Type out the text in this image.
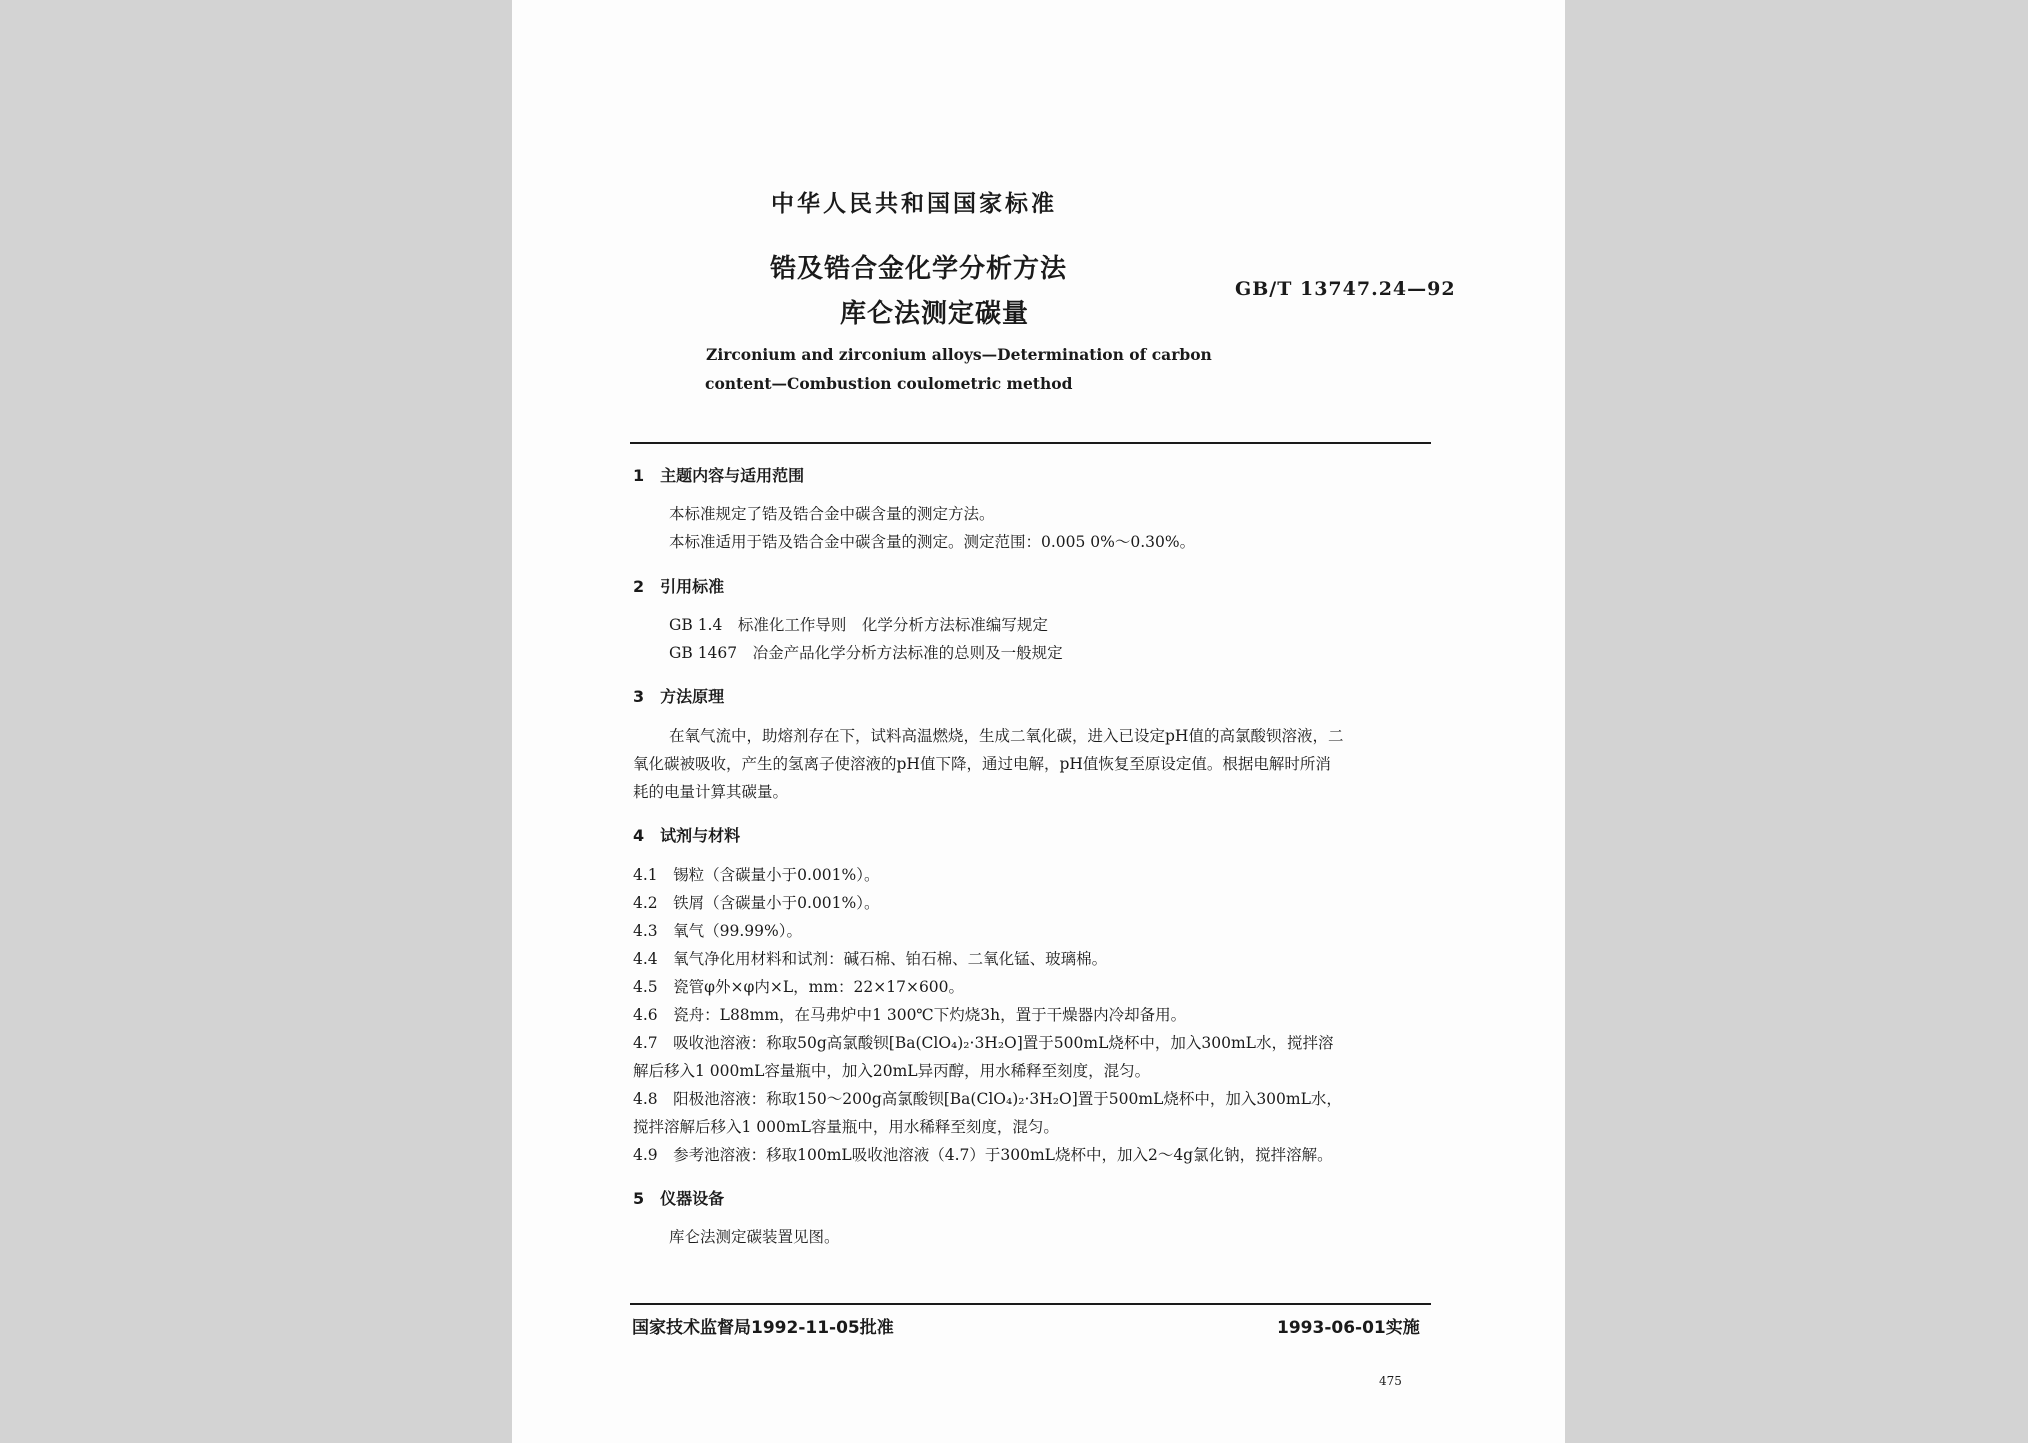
中华人民共和国国家标准
锆及锆合金化学分析方法
库仑法测定碳量
GB/T 13747.24—92
Zirconium and zirconium alloys—Determination of carbon
content—Combustion coulometric method
1　主题内容与适用范围
本标准规定了锆及锆合金中碳含量的测定方法。
本标准适用于锆及锆合金中碳含量的测定。测定范围：0.005 0%～0.30%。
2　引用标准
GB 1.4　标准化工作导则　化学分析方法标准编写规定
GB 1467　冶金产品化学分析方法标准的总则及一般规定
3　方法原理
在氧气流中，助熔剂存在下，试料高温燃烧，生成二氧化碳，进入已设定pH值的高氯酸钡溶液，二
氧化碳被吸收，产生的氢离子使溶液的pH值下降，通过电解，pH值恢复至原设定值。根据电解时所消
耗的电量计算其碳量。
4　试剂与材料
4.1　锡粒（含碳量小于0.001%）。
4.2　铁屑（含碳量小于0.001%）。
4.3　氧气（99.99%）。
4.4　氧气净化用材料和试剂：碱石棉、铂石棉、二氧化锰、玻璃棉。
4.5　瓷管φ外×φ内×L，mm：22×17×600。
4.6　瓷舟：L88mm，在马弗炉中1 300℃下灼烧3h，置于干燥器内冷却备用。
4.7　吸收池溶液：称取50g高氯酸钡[Ba(ClO₄)₂·3H₂O]置于500mL烧杯中，加入300mL水，搅拌溶
解后移入1 000mL容量瓶中，加入20mL异丙醇，用水稀释至刻度，混匀。
4.8　阳极池溶液：称取150～200g高氯酸钡[Ba(ClO₄)₂·3H₂O]置于500mL烧杯中，加入300mL水，
搅拌溶解后移入1 000mL容量瓶中，用水稀释至刻度，混匀。
4.9　参考池溶液：移取100mL吸收池溶液（4.7）于300mL烧杯中，加入2～4g氯化钠，搅拌溶解。
5　仪器设备
库仑法测定碳装置见图。
国家技术监督局1992-11-05批准	1993-06-01实施
475
